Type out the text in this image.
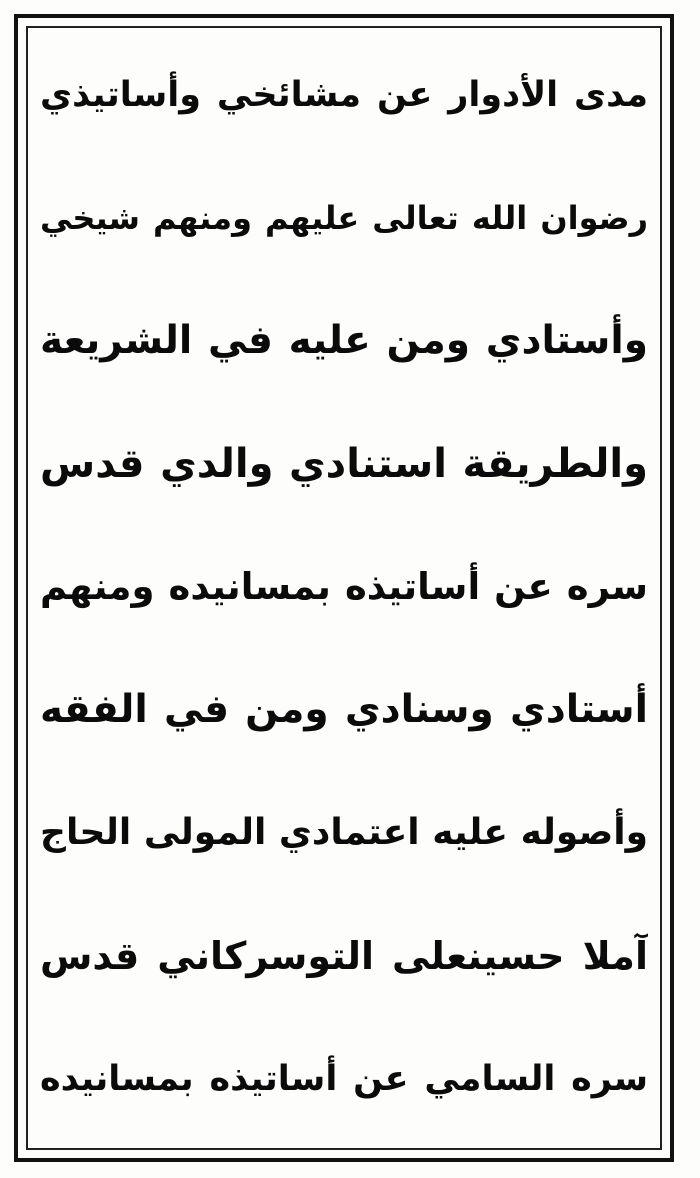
مدى الأدوار عن مشائخي وأساتيذي
رضوان الله تعالى عليهم ومنهم شيخي
وأستادي ومن عليه في الشريعة
والطريقة استنادي والدي قدس
سره عن أساتيذه بمسانيده ومنهم
أستادي وسنادي ومن في الفقه
وأصوله عليه اعتمادي المولى الحاج
آملا حسينعلى التوسركاني قدس
سره السامي عن أساتيذه بمسانيده
